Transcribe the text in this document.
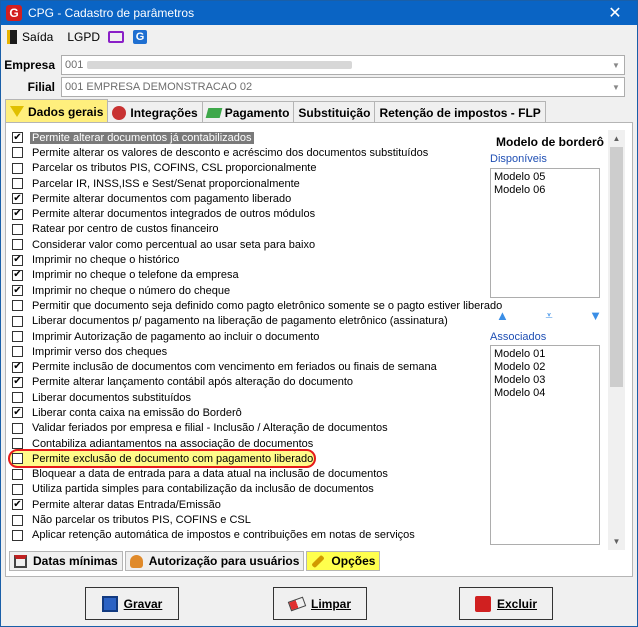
G CPG - Cadastro de parâmetros	✕
Saída LGPD	G
Empresa 001	▼
Filial 001 EMPRESA DEMONSTRACAO 02	▼
Dados gerais Integrações Pagamento Substituição Retenção de impostos - FLP
✔ Permite alterar documentos já contabilizados
Permite alterar os valores de desconto e acréscimo dos documentos substituídos
Parcelar os tributos PIS, COFINS, CSL proporcionalmente
Parcelar IR, INSS,ISS e Sest/Senat proporcionalmente
✔ Permite alterar documentos com pagamento liberado
✔ Permite alterar documentos integrados de outros módulos
Ratear por centro de custos financeiro
Considerar valor como percentual ao usar seta para baixo
✔ Imprimir no cheque o histórico
✔ Imprimir no cheque o telefone da empresa
✔ Imprimir no cheque o número do cheque
Permitir que documento seja definido como pagto eletrônico somente se o pagto estiver liberado
Liberar documentos p/ pagamento na liberação de pagamento eletrônico (assinatura)
Imprimir Autorização de pagamento ao incluir o documento
Imprimir verso dos cheques
✔ Permite inclusão de documentos com vencimento em feriados ou finais de semana
✔ Permite alterar lançamento contábil após alteração do documento
Liberar documentos substituídos
✔ Liberar conta caixa na emissão do Borderô
Validar feriados por empresa e filial - Inclusão / Alteração de documentos
Contabiliza adiantamentos na associação de documentos
Permite exclusão de documento com pagamento liberado
Bloquear a data de entrada para a data atual na inclusão de documentos
Utiliza partida simples para contabilização da inclusão de documentos
✔ Permite alterar datas Entrada/Emissão
Não parcelar os tributos PIS, COFINS e CSL
Aplicar retenção automática de impostos e contribuições em notas de serviços
Modelo de borderô
Disponíveis
Modelo 05
Modelo 06
▲	⩡	▼
Associados
Modelo 01
Modelo 02
Modelo 03
Modelo 04
▲
▼
Datas mínimas	Autorização para usuários	Opções
Gravar	Limpar	Excluir
